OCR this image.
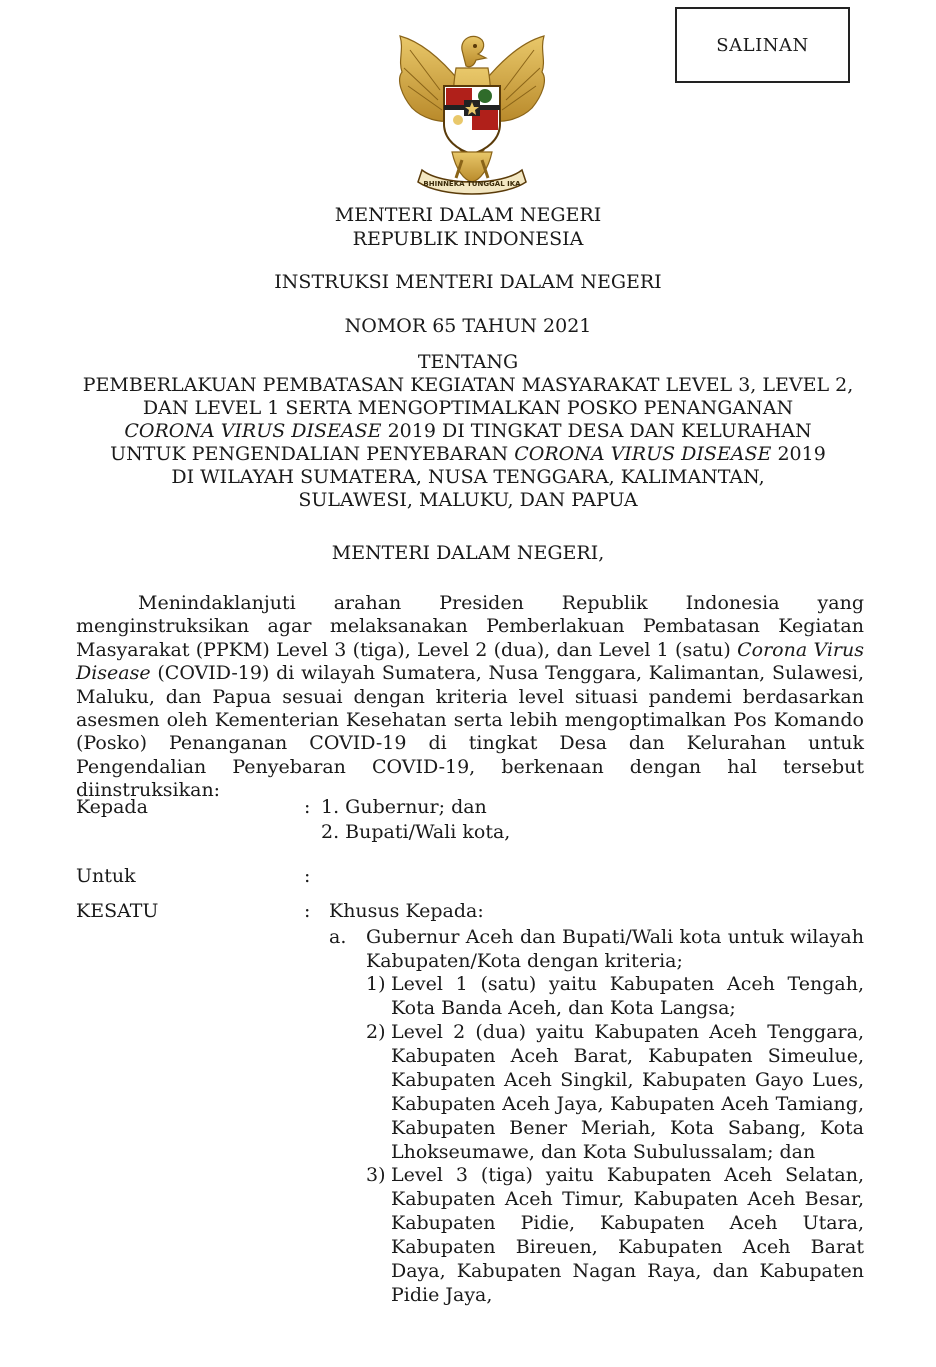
SALINAN
BHINNEKA TUNGGAL IKA
MENTERI DALAM NEGERI
REPUBLIK INDONESIA
INSTRUKSI MENTERI DALAM NEGERI
NOMOR 65 TAHUN 2021
TENTANG
PEMBERLAKUAN PEMBATASAN KEGIATAN MASYARAKAT LEVEL 3, LEVEL 2,
DAN LEVEL 1 SERTA MENGOPTIMALKAN POSKO PENANGANAN
CORONA VIRUS DISEASE 2019 DI TINGKAT DESA DAN KELURAHAN
UNTUK PENGENDALIAN PENYEBARAN CORONA VIRUS DISEASE 2019
DI WILAYAH SUMATERA, NUSA TENGGARA, KALIMANTAN,
SULAWESI, MALUKU, DAN PAPUA
MENTERI DALAM NEGERI,
Menindaklanjuti arahan Presiden Republik Indonesia yang menginstruksikan agar melaksanakan Pemberlakuan Pembatasan Kegiatan Masyarakat (PPKM) Level 3 (tiga), Level 2 (dua), dan Level 1 (satu) Corona Virus Disease (COVID-19) di wilayah Sumatera, Nusa Tenggara, Kalimantan, Sulawesi, Maluku, dan Papua sesuai dengan kriteria level situasi pandemi berdasarkan asesmen oleh Kementerian Kesehatan serta lebih mengoptimalkan Pos Komando (Posko) Penanganan COVID-19 di tingkat Desa dan Kelurahan untuk Pengendalian Penyebaran COVID-19, berkenaan dengan hal tersebut diinstruksikan:
Kepada	: 1. Gubernur; dan
2. Bupati/Wali kota,
Untuk	:
KESATU	: Khusus Kepada:
a. Gubernur Aceh dan Bupati/Wali kota untuk wilayah Kabupaten/Kota dengan kriteria;
1) Level 1 (satu) yaitu Kabupaten Aceh Tengah, Kota Banda Aceh, dan Kota Langsa;
2) Level 2 (dua) yaitu Kabupaten Aceh Tenggara, Kabupaten Aceh Barat, Kabupaten Simeulue, Kabupaten Aceh Singkil, Kabupaten Gayo Lues, Kabupaten Aceh Jaya, Kabupaten Aceh Tamiang, Kabupaten Bener Meriah, Kota Sabang, Kota Lhokseumawe, dan Kota Subulussalam; dan
3) Level 3 (tiga) yaitu Kabupaten Aceh Selatan, Kabupaten Aceh Timur, Kabupaten Aceh Besar, Kabupaten Pidie, Kabupaten Aceh Utara, Kabupaten Bireuen, Kabupaten Aceh Barat Daya, Kabupaten Nagan Raya, dan Kabupaten Pidie Jaya,
